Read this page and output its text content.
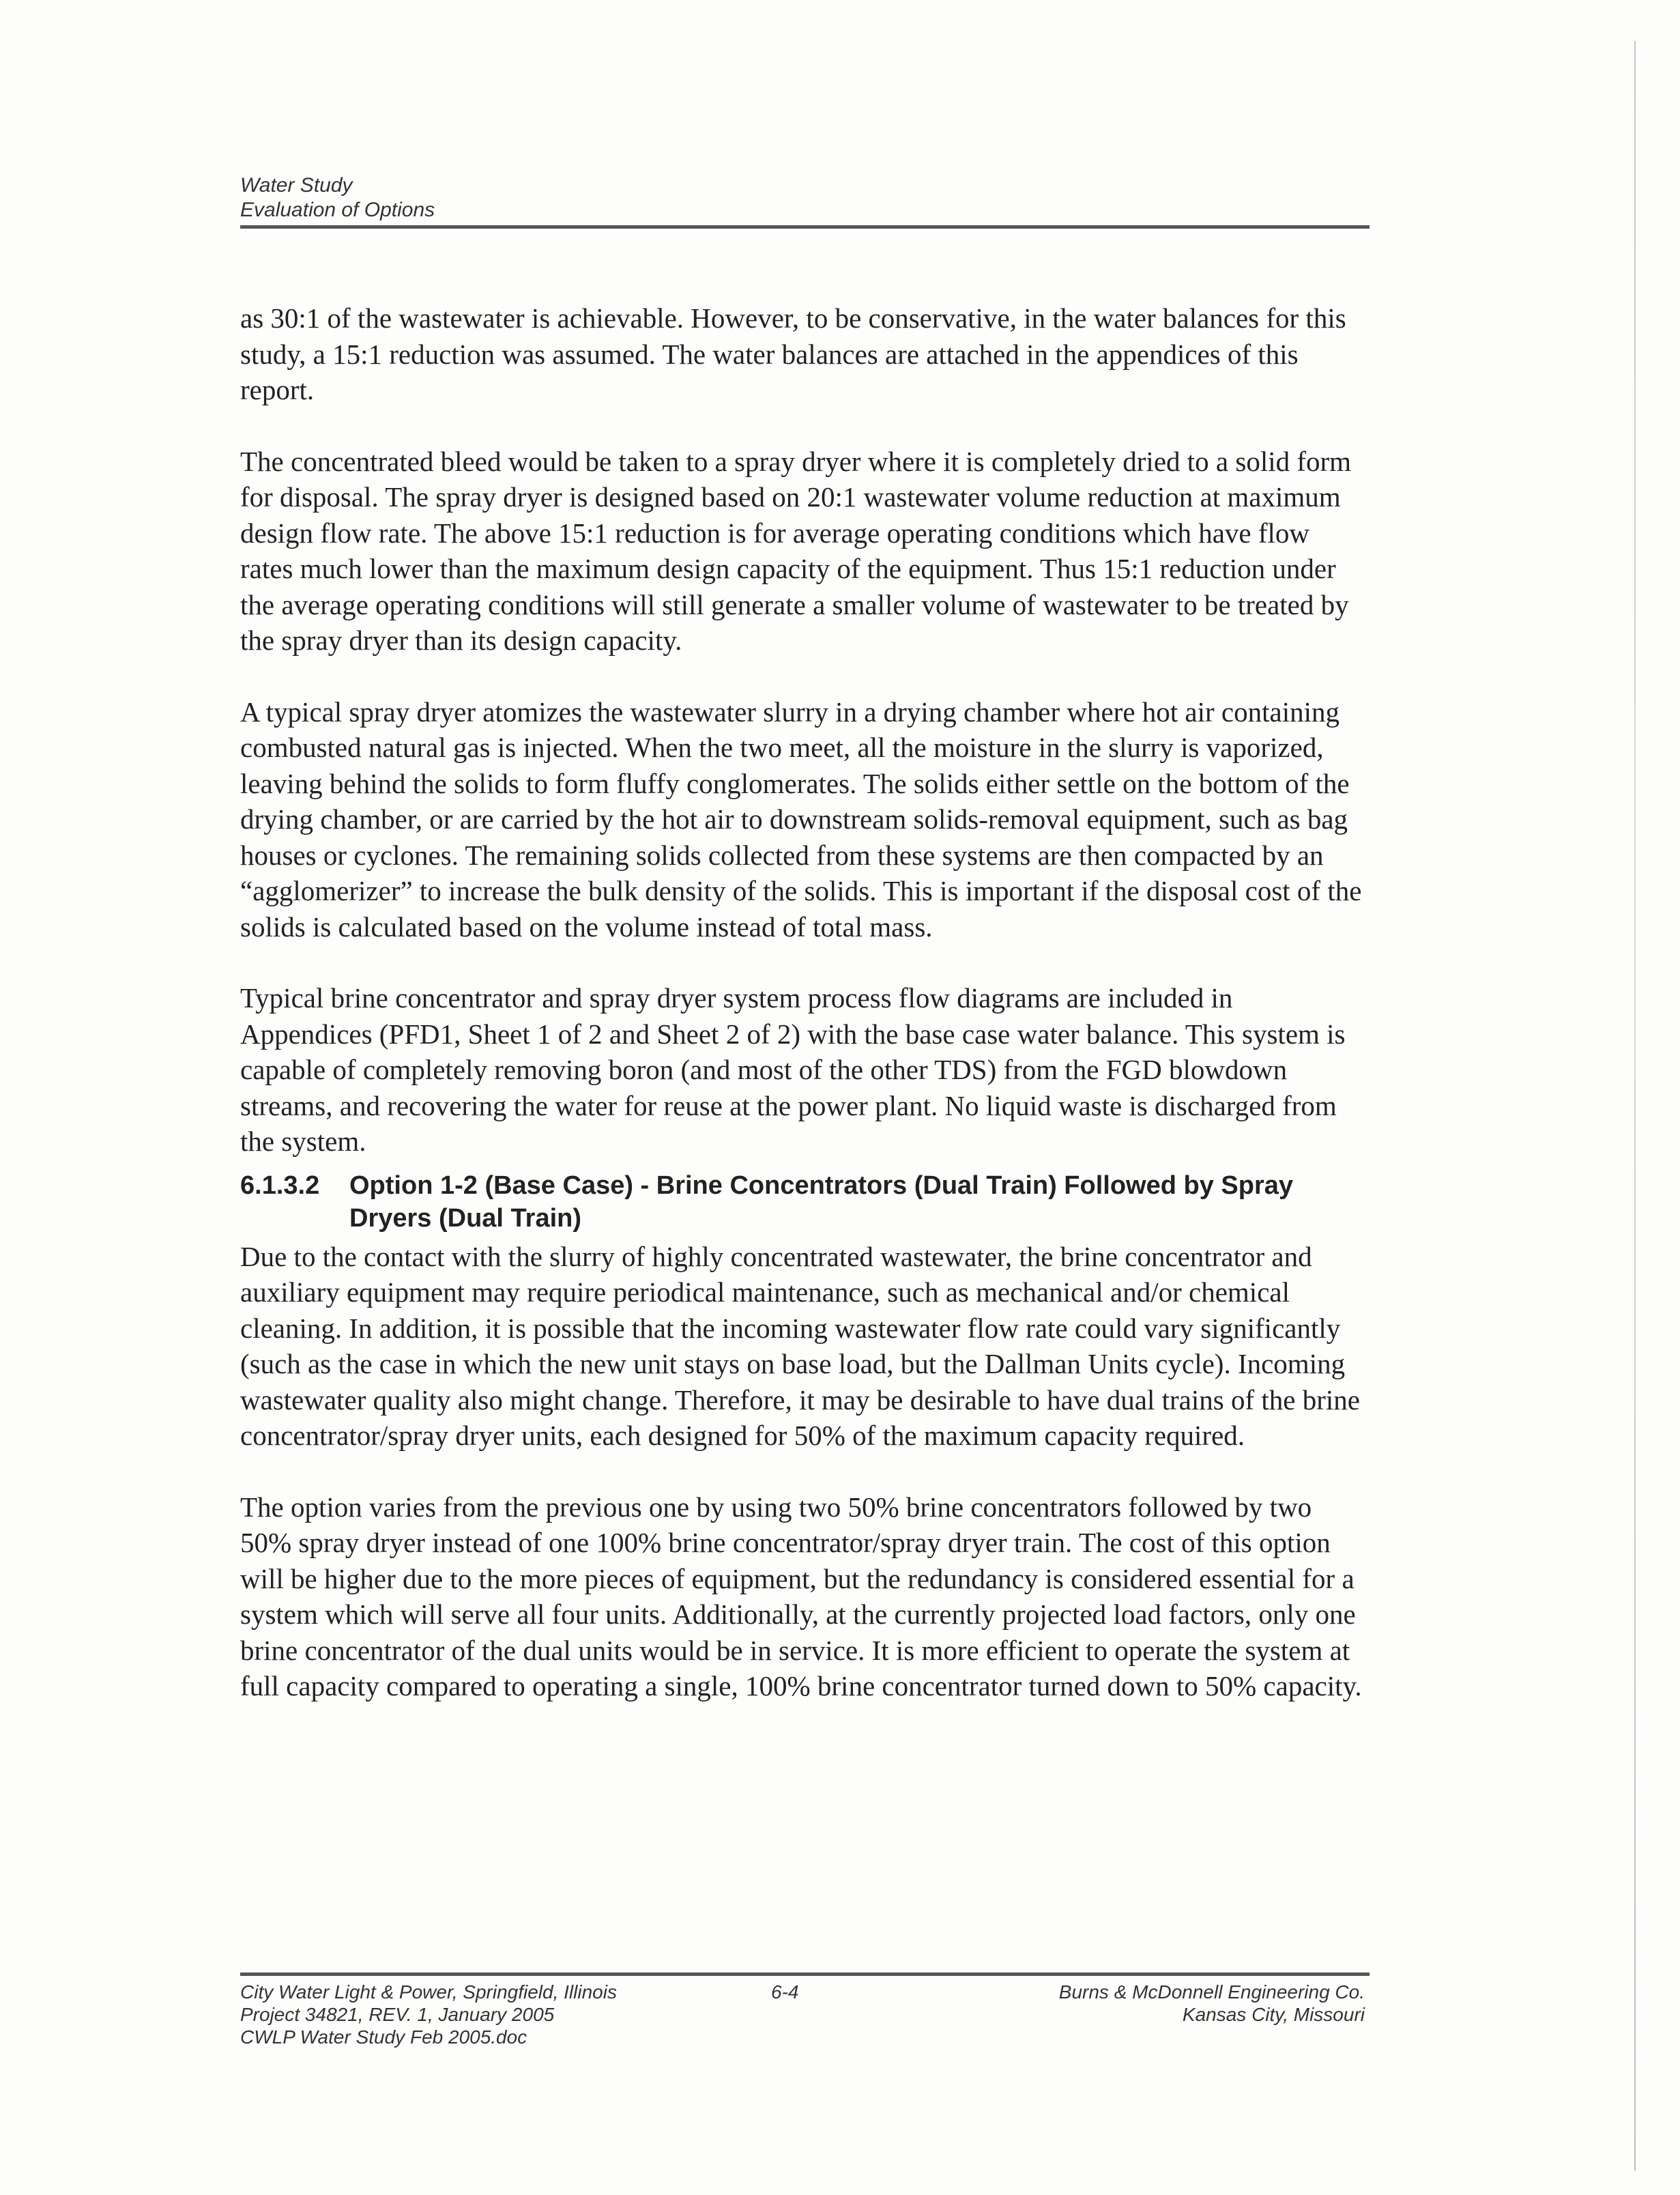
Water Study
Evaluation of Options

as 30:1 of the wastewater is achievable. However, to be conservative, in the water balances for this study, a 15:1 reduction was assumed. The water balances are attached in the appendices of this report.

The concentrated bleed would be taken to a spray dryer where it is completely dried to a solid form for disposal. The spray dryer is designed based on 20:1 wastewater volume reduction at maximum design flow rate. The above 15:1 reduction is for average operating conditions which have flow rates much lower than the maximum design capacity of the equipment. Thus 15:1 reduction under the average operating conditions will still generate a smaller volume of wastewater to be treated by the spray dryer than its design capacity.

A typical spray dryer atomizes the wastewater slurry in a drying chamber where hot air containing combusted natural gas is injected. When the two meet, all the moisture in the slurry is vaporized, leaving behind the solids to form fluffy conglomerates. The solids either settle on the bottom of the drying chamber, or are carried by the hot air to downstream solids-removal equipment, such as bag houses or cyclones. The remaining solids collected from these systems are then compacted by an “agglomerizer” to increase the bulk density of the solids. This is important if the disposal cost of the solids is calculated based on the volume instead of total mass.

Typical brine concentrator and spray dryer system process flow diagrams are included in Appendices (PFD1, Sheet 1 of 2 and Sheet 2 of 2) with the base case water balance. This system is capable of completely removing boron (and most of the other TDS) from the FGD blowdown streams, and recovering the water for reuse at the power plant. No liquid waste is discharged from the system.

6.1.3.2	Option 1-2 (Base Case) - Brine Concentrators (Dual Train) Followed by Spray Dryers (Dual Train)

Due to the contact with the slurry of highly concentrated wastewater, the brine concentrator and auxiliary equipment may require periodical maintenance, such as mechanical and/or chemical cleaning. In addition, it is possible that the incoming wastewater flow rate could vary significantly (such as the case in which the new unit stays on base load, but the Dallman Units cycle). Incoming wastewater quality also might change. Therefore, it may be desirable to have dual trains of the brine concentrator/spray dryer units, each designed for 50% of the maximum capacity required.

The option varies from the previous one by using two 50% brine concentrators followed by two 50% spray dryer instead of one 100% brine concentrator/spray dryer train. The cost of this option will be higher due to the more pieces of equipment, but the redundancy is considered essential for a system which will serve all four units. Additionally, at the currently projected load factors, only one brine concentrator of the dual units would be in service. It is more efficient to operate the system at full capacity compared to operating a single, 100% brine concentrator turned down to 50% capacity.

City Water Light & Power, Springfield, Illinois
Project 34821, REV. 1, January 2005
CWLP Water Study Feb 2005.doc
6-4	Burns & McDonnell Engineering Co.
Kansas City, Missouri
